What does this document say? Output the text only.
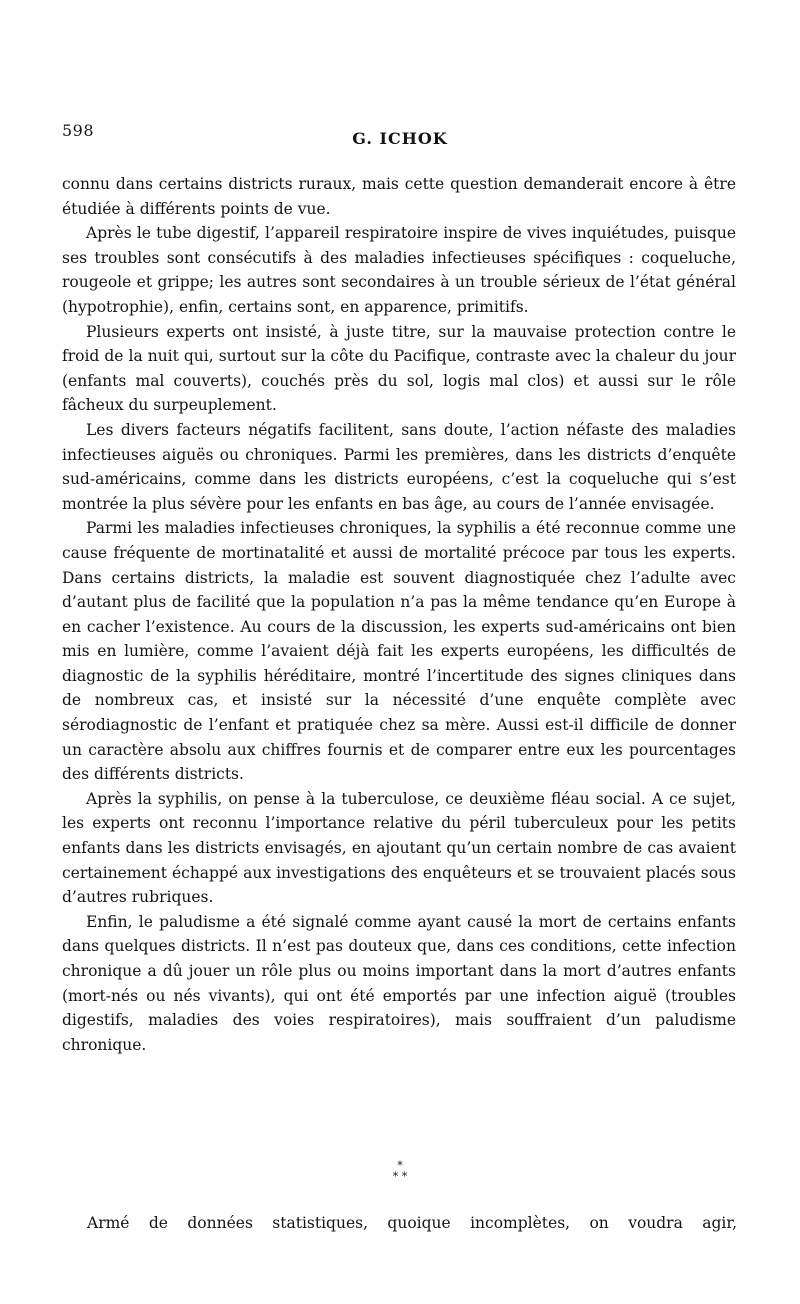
598	G. ICHOK

connu dans certains districts ruraux, mais cette question demanderait encore à être étudiée à différents points de vue.

Après le tube digestif, l’appareil respiratoire inspire de vives inquiétudes, puisque ses troubles sont consécutifs à des maladies infectieuses spécifiques : coqueluche, rougeole et grippe; les autres sont secondaires à un trouble sérieux de l’état général (hypotrophie), enfin, certains sont, en apparence, primitifs.

Plusieurs experts ont insisté, à juste titre, sur la mauvaise protection contre le froid de la nuit qui, surtout sur la côte du Pacifique, contraste avec la chaleur du jour (enfants mal couverts), couchés près du sol, logis mal clos) et aussi sur le rôle fâcheux du surpeuplement.

Les divers facteurs négatifs facilitent, sans doute, l’action néfaste des maladies infectieuses aiguës ou chroniques. Parmi les premières, dans les districts d’enquête sud-américains, comme dans les districts européens, c’est la coqueluche qui s’est montrée la plus sévère pour les enfants en bas âge, au cours de l’année envisagée.

Parmi les maladies infectieuses chroniques, la syphilis a été reconnue comme une cause fréquente de mortinatalité et aussi de mortalité précoce par tous les experts. Dans certains districts, la maladie est souvent diagnostiquée chez l’adulte avec d’autant plus de facilité que la population n’a pas la même tendance qu’en Europe à en cacher l’existence. Au cours de la discussion, les experts sud-américains ont bien mis en lumière, comme l’avaient déjà fait les experts européens, les difficultés de diagnostic de la syphilis héréditaire, montré l’incertitude des signes cliniques dans de nombreux cas, et insisté sur la nécessité d’une enquête complète avec sérodiagnostic de l’enfant et pratiquée chez sa mère. Aussi est-il difficile de donner un caractère absolu aux chiffres fournis et de comparer entre eux les pourcentages des différents districts.

Après la syphilis, on pense à la tuberculose, ce deuxième fléau social. A ce sujet, les experts ont reconnu l’importance relative du péril tuberculeux pour les petits enfants dans les districts envisagés, en ajoutant qu’un certain nombre de cas avaient certainement échappé aux investigations des enquêteurs et se trouvaient placés sous d’autres rubriques.

Enfin, le paludisme a été signalé comme ayant causé la mort de certains enfants dans quelques districts. Il n’est pas douteux que, dans ces conditions, cette infection chronique a dû jouer un rôle plus ou moins important dans la mort d’autres enfants (mort-nés ou nés vivants), qui ont été emportés par une infection aiguë (troubles digestifs, maladies des voies respiratoires), mais souffraient d’un paludisme chronique.

*
* *
Armé de données statistiques, quoique incomplètes, on voudra agir,
